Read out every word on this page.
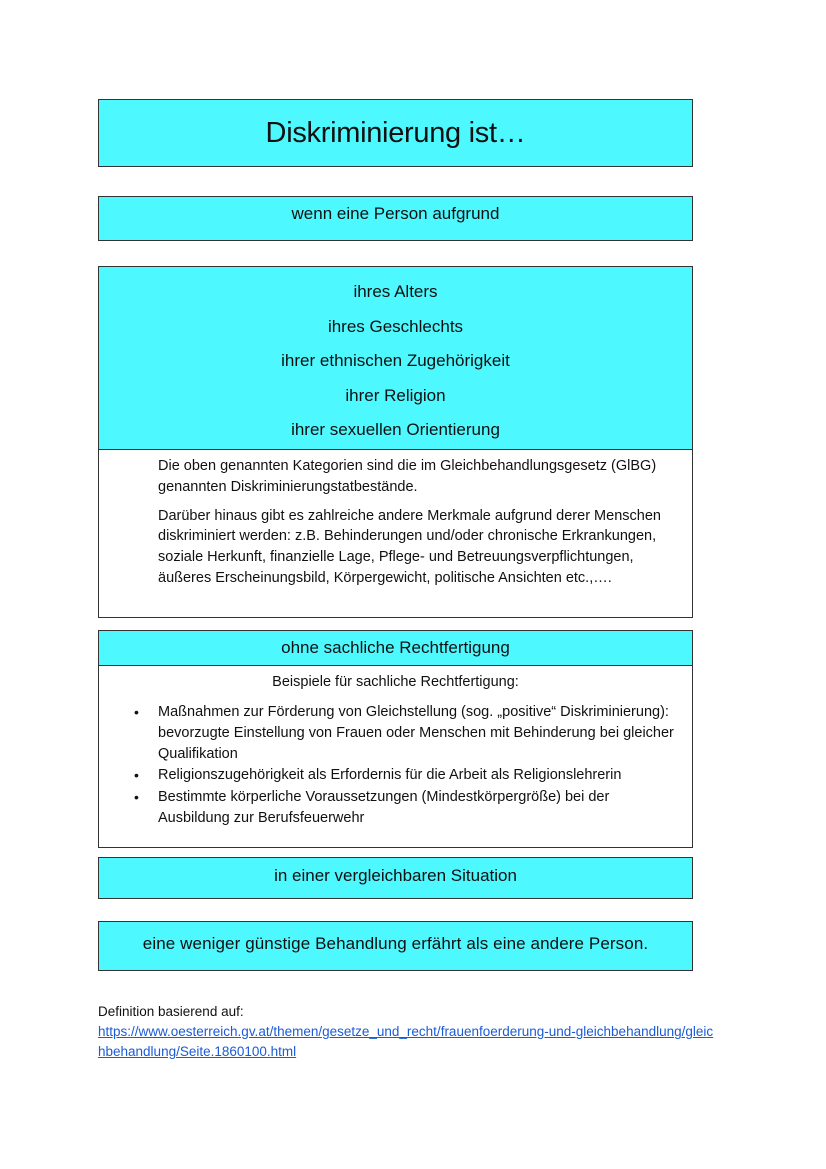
Diskriminierung ist…

wenn eine Person aufgrund

ihres Alters
ihres Geschlechts
ihrer ethnischen Zugehörigkeit
ihrer Religion
ihrer sexuellen Orientierung

Die oben genannten Kategorien sind die im Gleichbehandlungsgesetz (GlBG) genannten Diskriminierungstatbestände.

Darüber hinaus gibt es zahlreiche andere Merkmale aufgrund derer Menschen diskriminiert werden: z.B. Behinderungen und/oder chronische Erkrankungen, soziale Herkunft, finanzielle Lage, Pflege- und Betreuungsverpflichtungen, äußeres Erscheinungsbild, Körpergewicht, politische Ansichten etc.,….

ohne sachliche Rechtfertigung
Beispiele für sachliche Rechtfertigung:
• Maßnahmen zur Förderung von Gleichstellung (sog. „positive“ Diskriminierung): bevorzugte Einstellung von Frauen oder Menschen mit Behinderung bei gleicher Qualifikation
• Religionszugehörigkeit als Erfordernis für die Arbeit als Religionslehrerin
• Bestimmte körperliche Voraussetzungen (Mindestkörpergröße) bei der Ausbildung zur Berufsfeuerwehr

in einer vergleichbaren Situation

eine weniger günstige Behandlung erfährt als eine andere Person.

Definition basierend auf:

https://www.oesterreich.gv.at/themen/gesetze_und_recht/frauenfoerderung-und-gleichbehandlung/gleichbehandlung/Seite.1860100.html
